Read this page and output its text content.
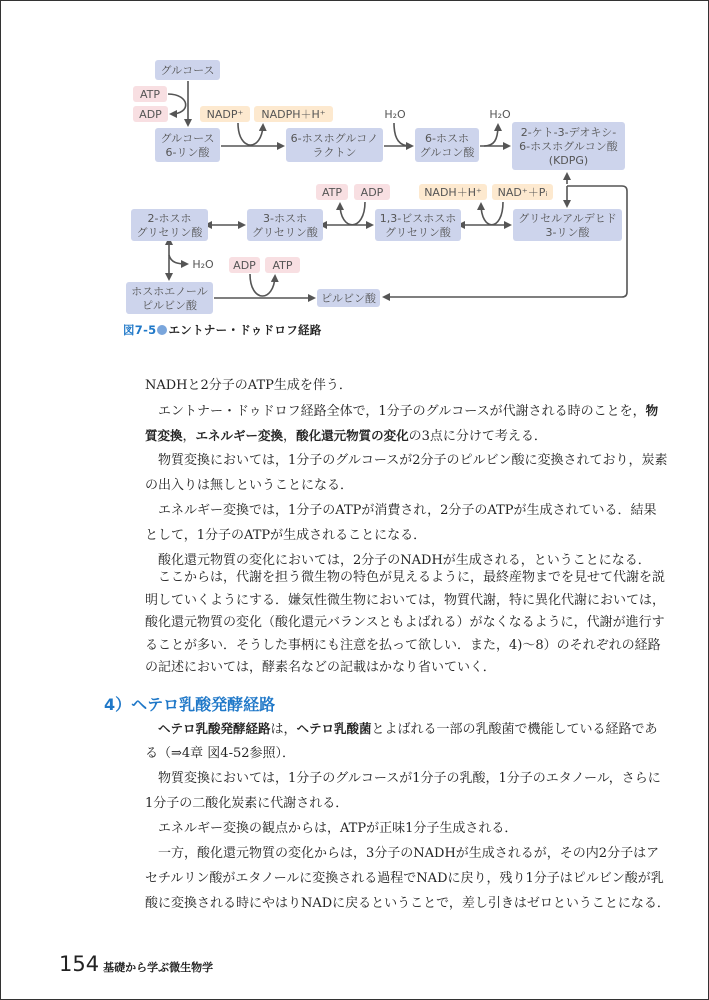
グルコース
ATP
ADP
グルコース
6-リン酸
NADP⁺ NADPH＋H⁺
6-ホスホグルコノ
ラクトン
H₂O
6-ホスホ
グルコン酸
H₂O
2-ケト-3-デオキシ-
6-ホスホグルコン酸
(KDPG)
ATP ADP	NADH＋H⁺ NAD⁺＋Pᵢ
2-ホスホ
グリセリン酸
3-ホスホ
グリセリン酸
1,3-ビスホスホ
グリセリン酸
グリセルアルデヒド
3-リン酸
H₂O ADP ATP
ホスホエノール
ピルビン酸
ピルビン酸
図7-5 エントナー・ドゥドロフ経路
NADHと2分子のATP生成を伴う．
エントナー・ドゥドロフ経路全体で，1分子のグルコースが代謝される時のことを，物
質変換，エネルギー変換，酸化還元物質の変化の3点に分けて考える．
物質変換においては，1分子のグルコースが2分子のピルビン酸に変換されており，炭素
の出入りは無しということになる．
エネルギー変換では，1分子のATPが消費され，2分子のATPが生成されている．結果
として，1分子のATPが生成されることになる．
酸化還元物質の変化においては，2分子のNADHが生成される，ということになる．
ここからは，代謝を担う微生物の特色が見えるように，最終産物までを見せて代謝を説
明していくようにする．嫌気性微生物においては，物質代謝，特に異化代謝においては，
酸化還元物質の変化（酸化還元バランスともよばれる）がなくなるように，代謝が進行す
ることが多い．そうした事柄にも注意を払って欲しい．また，4)〜8）のそれぞれの経路
の記述においては，酵素名などの記載はかなり省いていく．
4）ヘテロ乳酸発酵経路
ヘテロ乳酸発酵経路は，ヘテロ乳酸菌とよばれる一部の乳酸菌で機能している経路であ
る（⇒4章 図4-52参照）．
物質変換においては，1分子のグルコースが1分子の乳酸，1分子のエタノール，さらに
1分子の二酸化炭素に代謝される．
エネルギー変換の観点からは，ATPが正味1分子生成される．
一方，酸化還元物質の変化からは，3分子のNADHが生成されるが，その内2分子はア
セチルリン酸がエタノールに変換される過程でNADに戻り，残り1分子はピルビン酸が乳
酸に変換される時にやはりNADに戻るということで，差し引きはゼロということになる．
154 基礎から学ぶ微生物学
